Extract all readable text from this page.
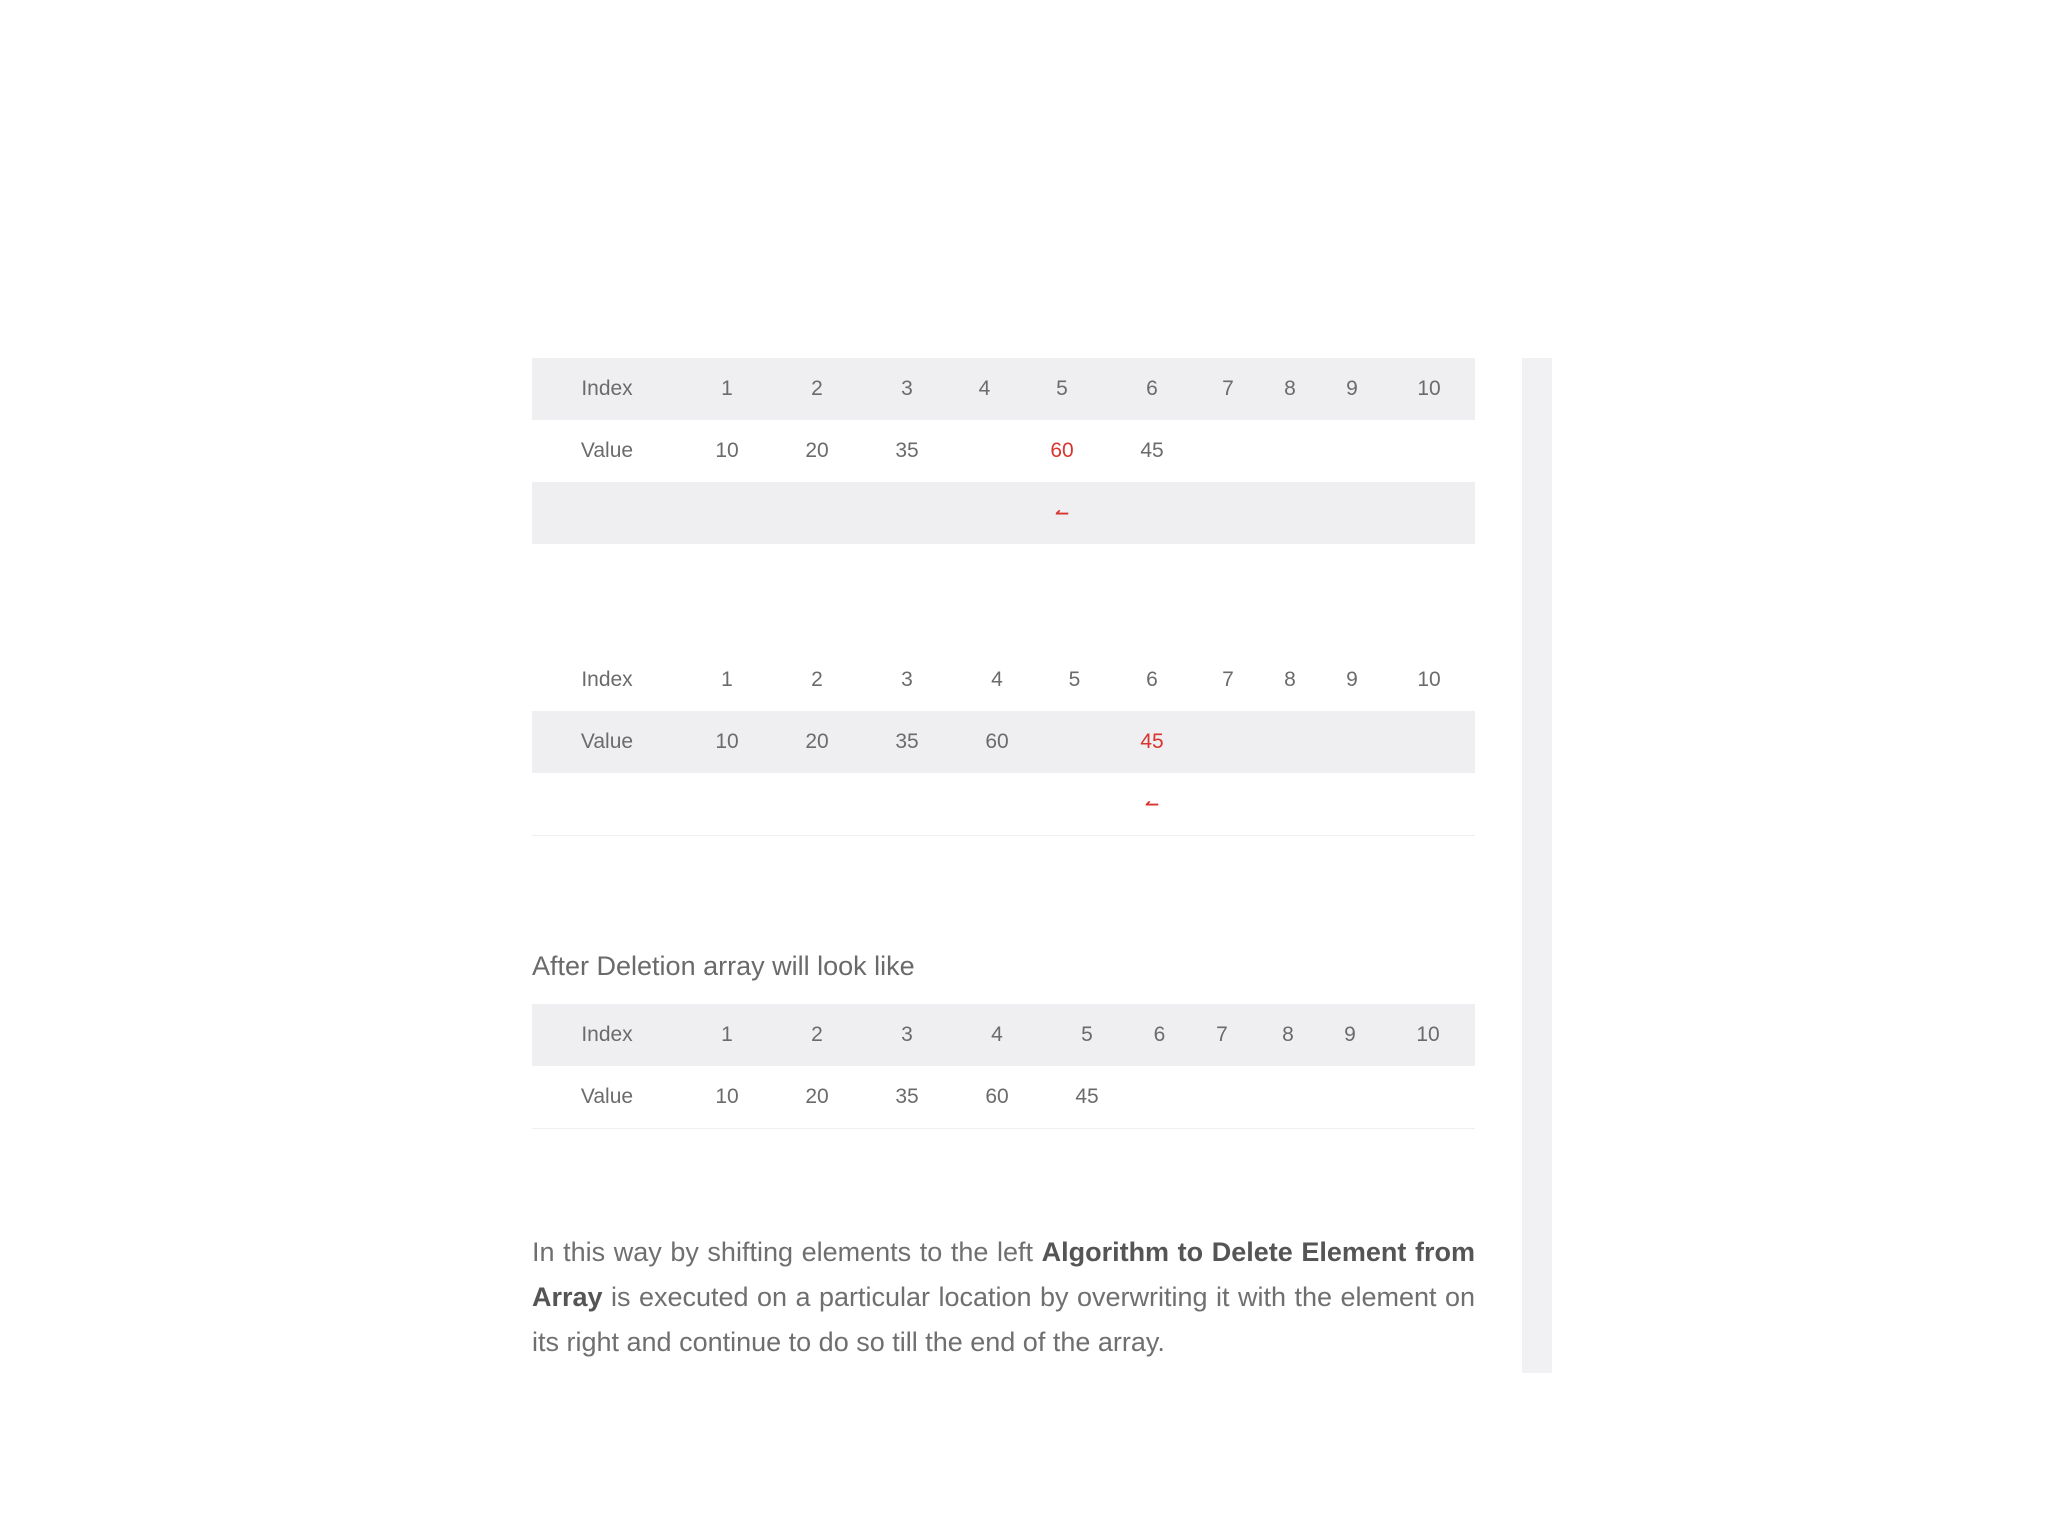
Index	1	2	3	4	5	6	7	8	9	10
Value	10	20	35		60	45				
					↼					
Index	1	2	3	4	5	6	7	8	9	10
Value	10	20	35	60		45				
						↼				

After Deletion array will look like

Index	1	2	3	4	5	6	7	8	9	10
Value	10	20	35	60	45					

In this way by shifting elements to the left Algorithm to Delete Element from Array is executed on a particular location by overwriting it with the element on its right and continue to do so till the end of the array.
